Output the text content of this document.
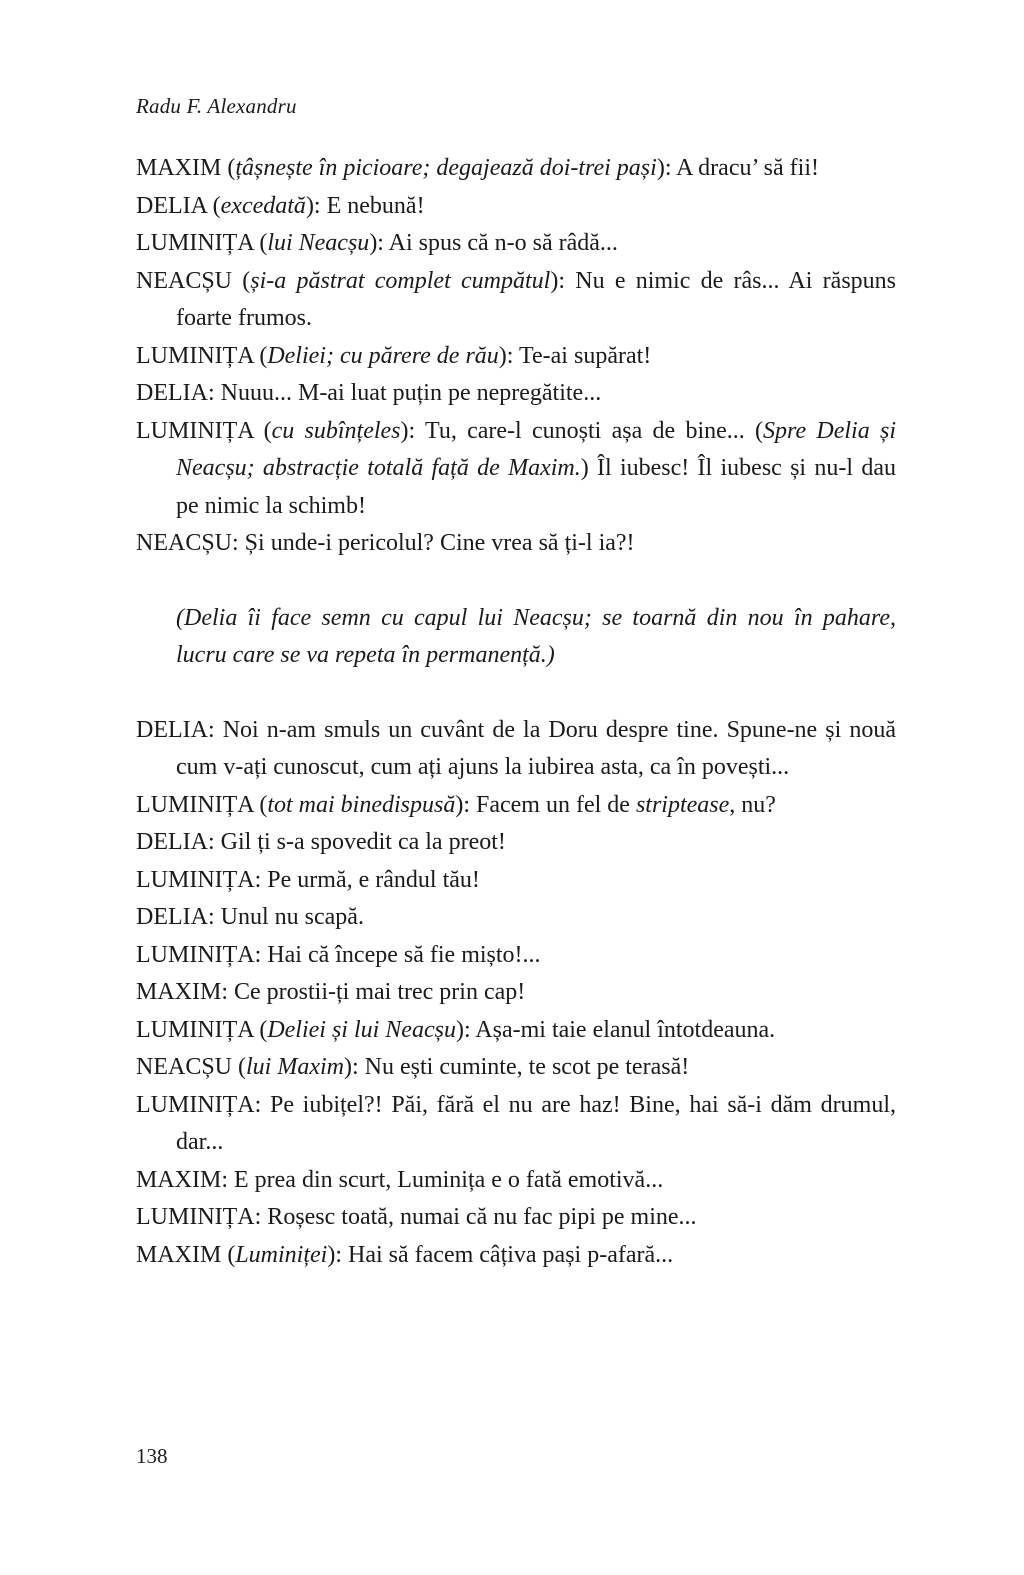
Radu F. Alexandru

MAXIM (țâșnește în picioare; degajează doi-trei pași): A dracu’ să fii!

DELIA (excedată): E nebună!

LUMINIȚA (lui Neacșu): Ai spus că n-o să râdă...

NEACȘU (și-a păstrat complet cumpătul): Nu e nimic de râs... Ai răspuns foarte frumos.

LUMINIȚA (Deliei; cu părere de rău): Te-ai supărat!

DELIA: Nuuu... M-ai luat puțin pe nepregătite...

LUMINIȚA (cu subînțeles): Tu, care-l cunoști așa de bine... (Spre Delia și Neacșu; abstracție totală față de Maxim.) Îl iubesc! Îl iubesc și nu-l dau pe nimic la schimb!

NEACȘU: Și unde-i pericolul? Cine vrea să ți-l ia?!

(Delia îi face semn cu capul lui Neacșu; se toarnă din nou în pahare, lucru care se va repeta în permanență.)

DELIA: Noi n-am smuls un cuvânt de la Doru despre tine. Spune-ne și nouă cum v-ați cunoscut, cum ați ajuns la iubirea asta, ca în povești...

LUMINIȚA (tot mai binedispusă): Facem un fel de striptease, nu?

DELIA: Gil ți s-a spovedit ca la preot!

LUMINIȚA: Pe urmă, e rândul tău!

DELIA: Unul nu scapă.

LUMINIȚA: Hai că începe să fie mișto!...

MAXIM: Ce prostii-ți mai trec prin cap!

LUMINIȚA (Deliei și lui Neacșu): Așa-mi taie elanul întotdeauna.

NEACȘU (lui Maxim): Nu ești cuminte, te scot pe terasă!

LUMINIȚA: Pe iubițel?! Păi, fără el nu are haz! Bine, hai să-i dăm drumul, dar...

MAXIM: E prea din scurt, Luminița e o fată emotivă...

LUMINIȚA: Roșesc toată, numai că nu fac pipi pe mine...

MAXIM (Luminiței): Hai să facem câțiva pași p-afară...

138
